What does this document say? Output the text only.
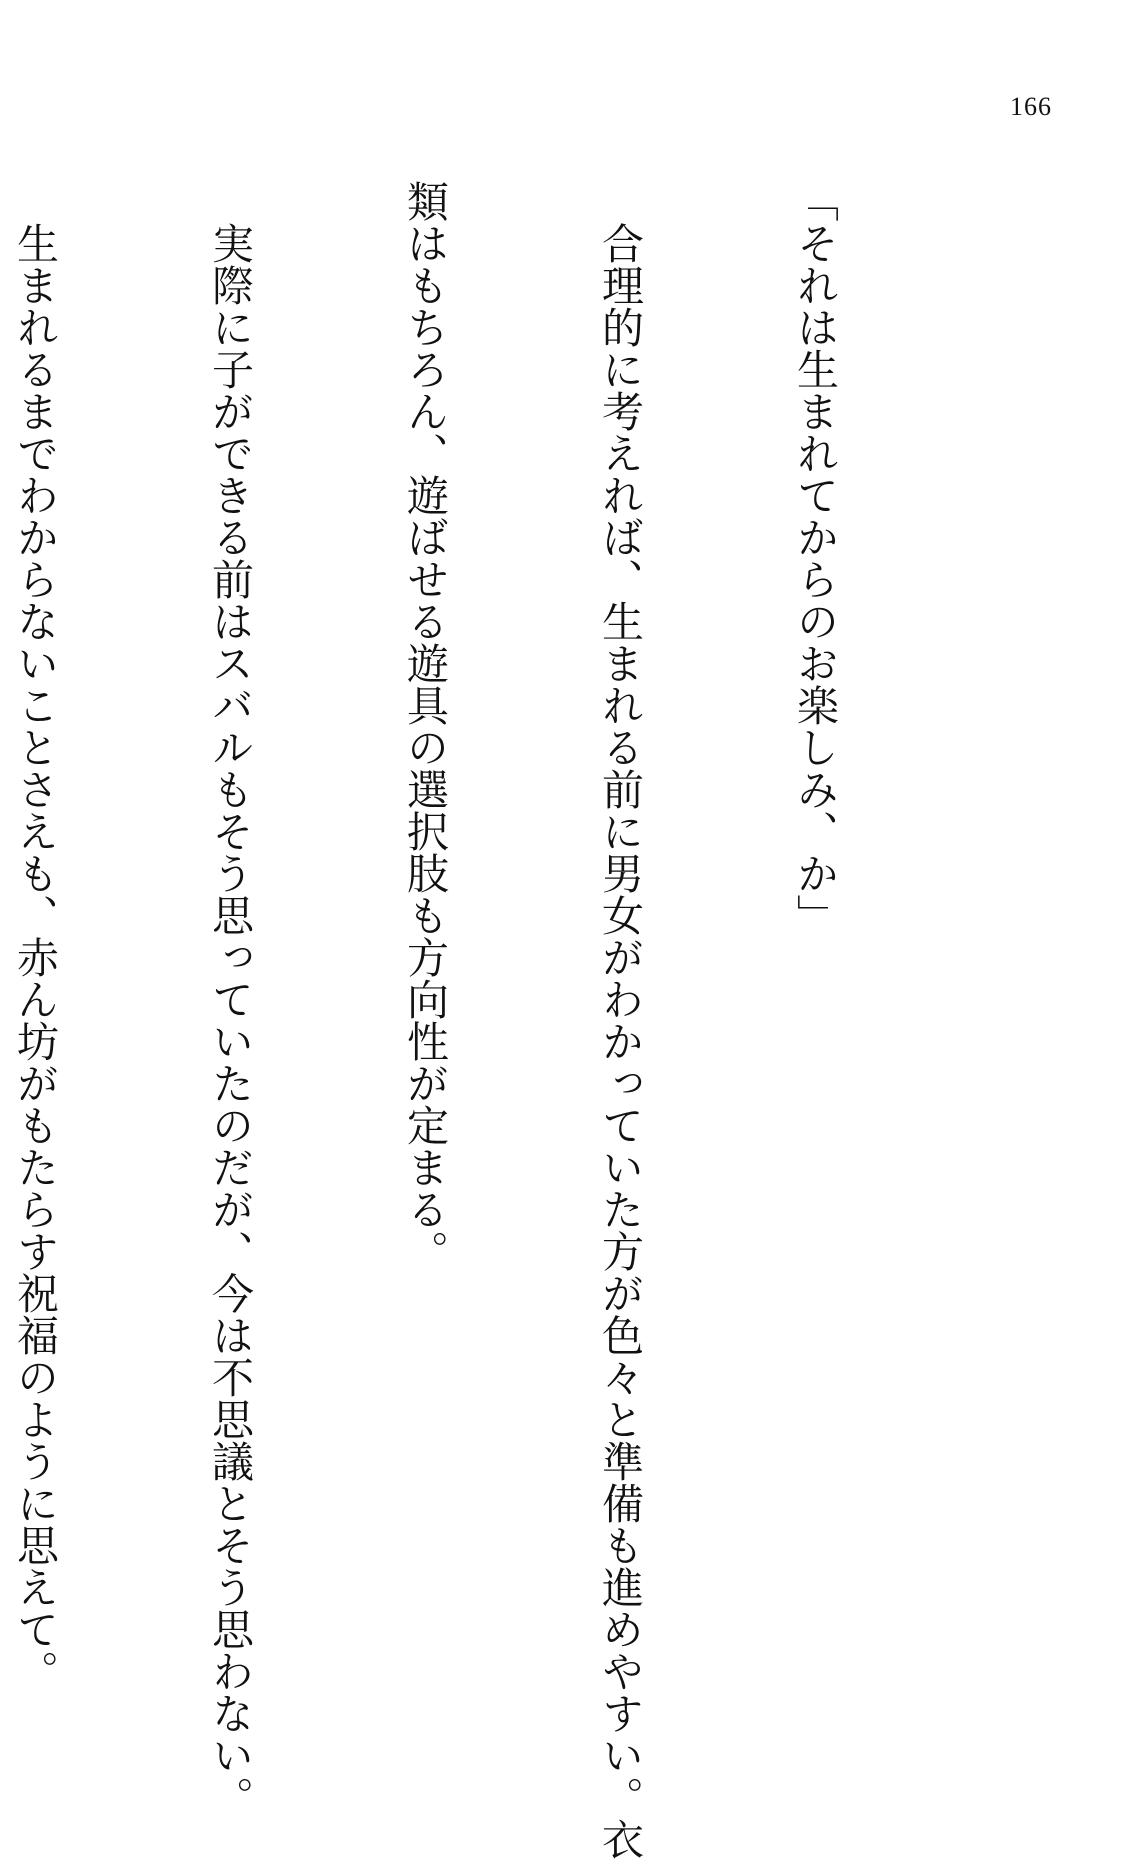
166

「それは生まれてからのお楽しみ、か」

　合理的に考えれば、生まれる前に男女がわかっていた方が色々と準備も進めやすい。衣

類はもちろん、遊ばせる遊具の選択肢も方向性が定まる。

　実際に子ができる前はスバルもそう思っていたのだが、今は不思議とそう思わない。

　生まれるまでわからないことさえも、赤ん坊がもたらす祝福のように思えて。
